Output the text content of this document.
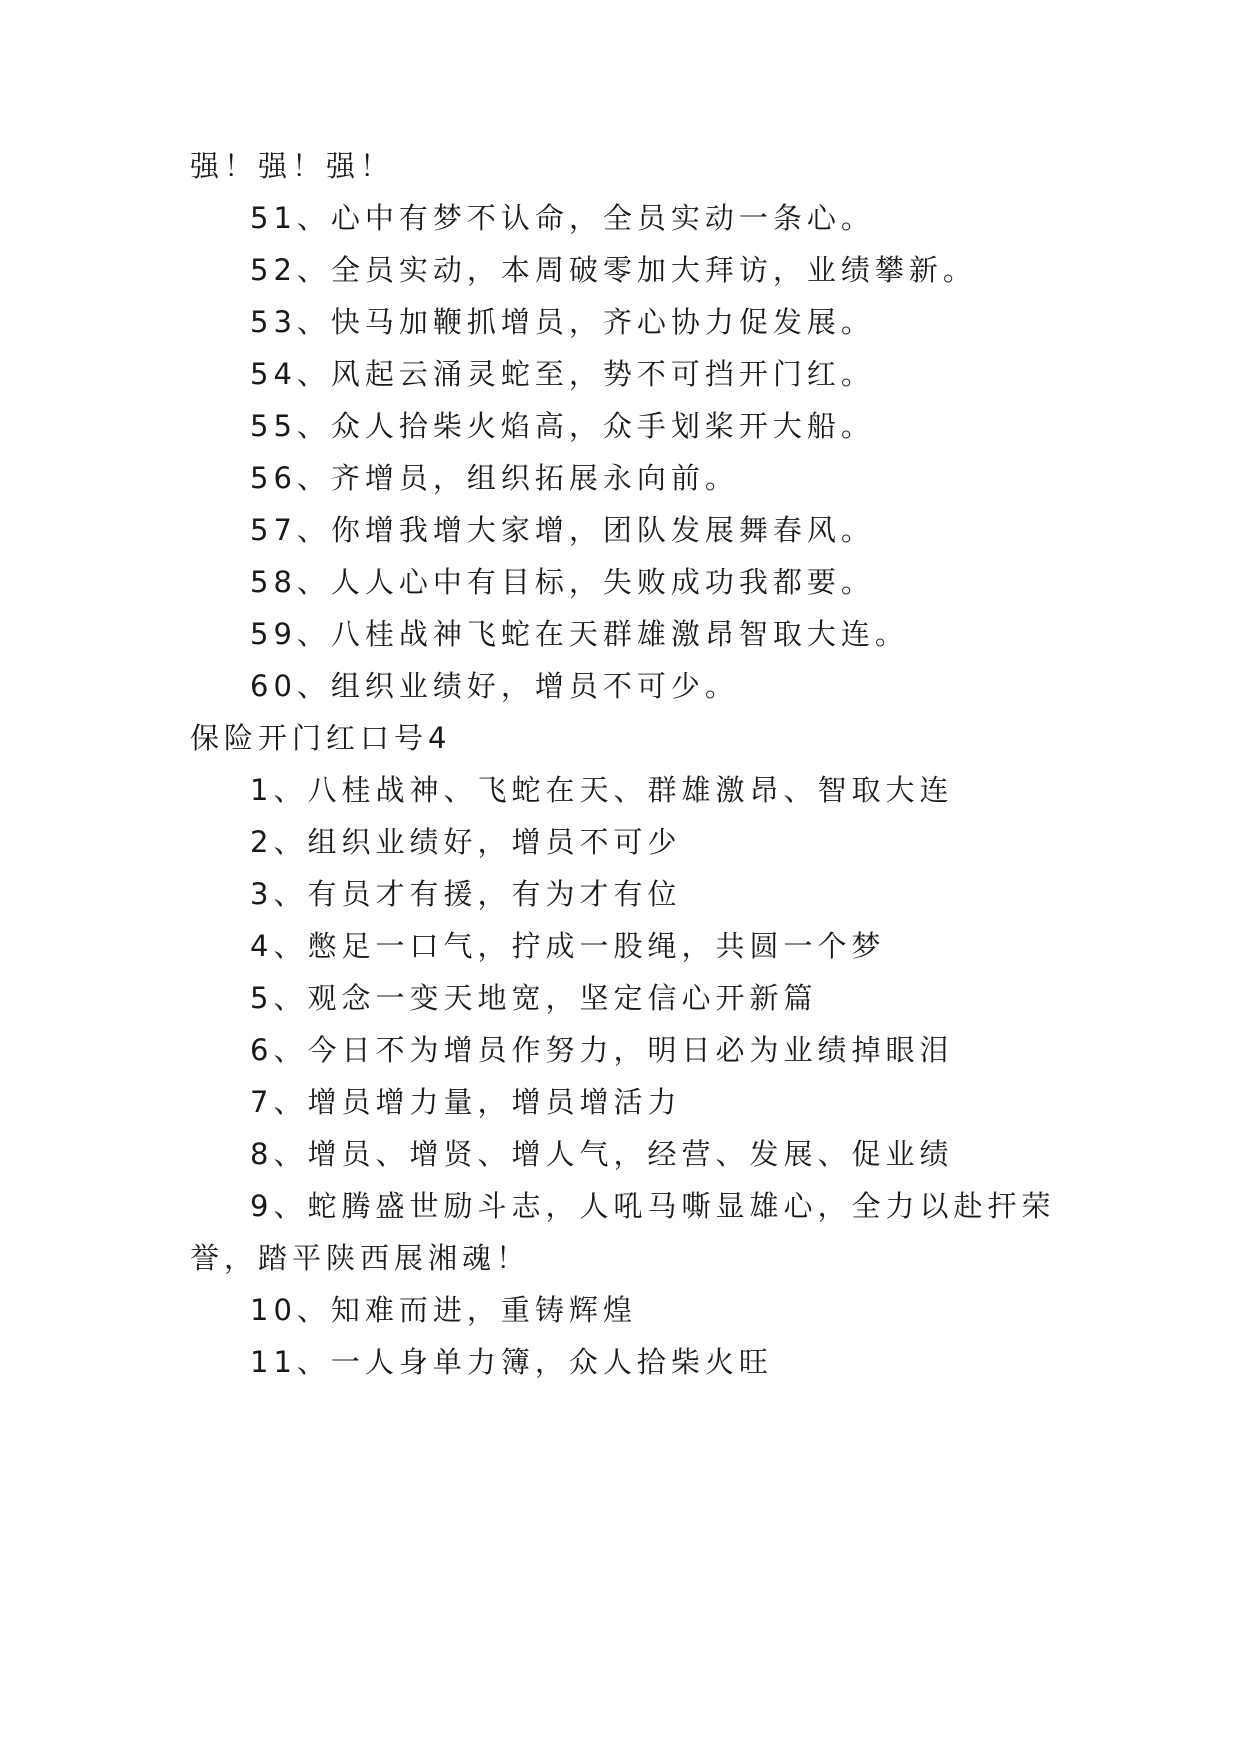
强！强！强！
51、心中有梦不认命，全员实动一条心。
52、全员实动，本周破零加大拜访，业绩攀新。
53、快马加鞭抓增员，齐心协力促发展。
54、风起云涌灵蛇至，势不可挡开门红。
55、众人拾柴火焰高，众手划桨开大船。
56、齐增员，组织拓展永向前。
57、你增我增大家增，团队发展舞春风。
58、人人心中有目标，失败成功我都要。
59、八桂战神飞蛇在天群雄激昂智取大连。
60、组织业绩好，增员不可少。
保险开门红口号4
1、八桂战神、飞蛇在天、群雄激昂、智取大连
2、组织业绩好，增员不可少
3、有员才有援，有为才有位
4、憋足一口气，拧成一股绳，共圆一个梦
5、观念一变天地宽，坚定信心开新篇
6、今日不为增员作努力，明日必为业绩掉眼泪
7、增员增力量，增员增活力
8、增员、增贤、增人气，经营、发展、促业绩
9、蛇腾盛世励斗志，人吼马嘶显雄心，全力以赴扞荣
誉，踏平陕西展湘魂！
10、知难而进，重铸辉煌
11、一人身单力簿，众人拾柴火旺
